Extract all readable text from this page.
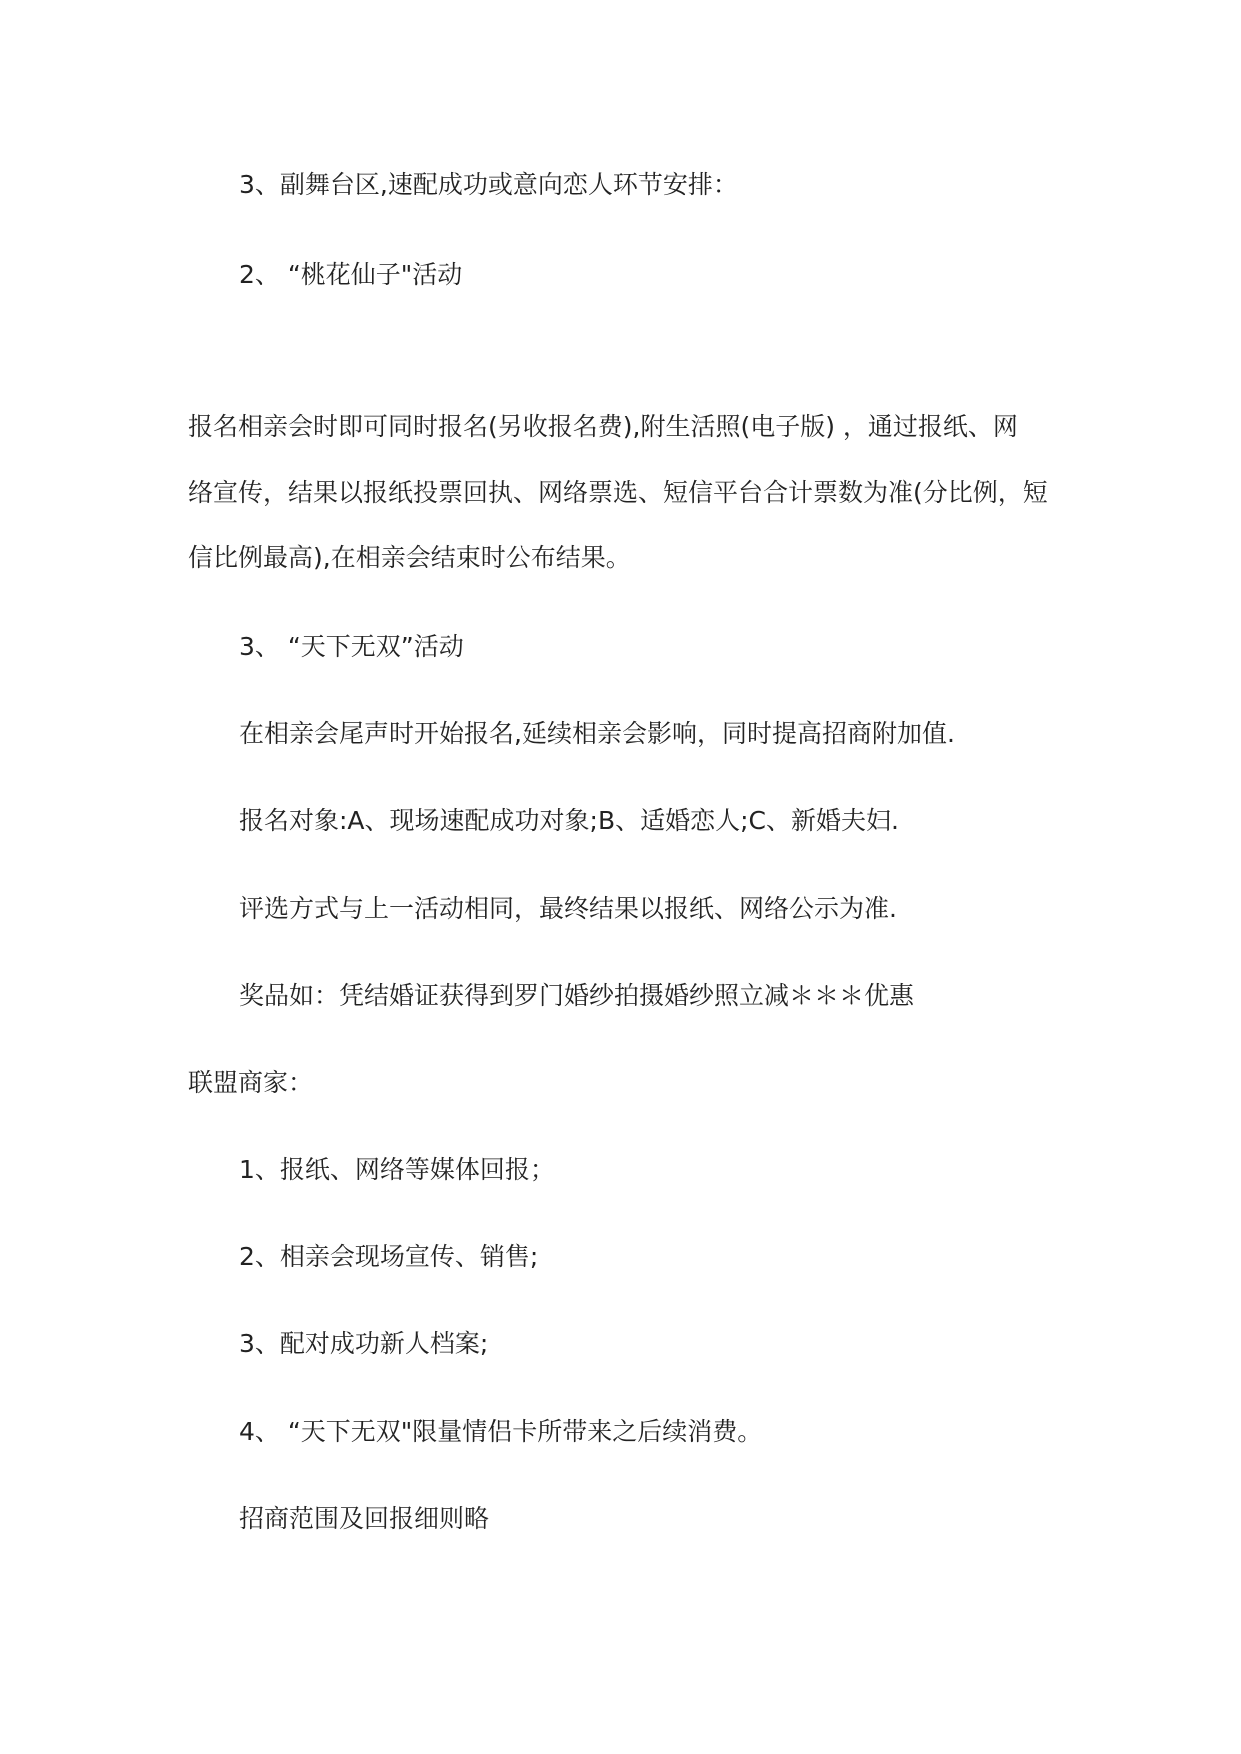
3、副舞台区,速配成功或意向恋人环节安排：

2、 “桃花仙子"活动

报名相亲会时即可同时报名(另收报名费),附生活照(电子版) ，通过报纸、网

络宣传，结果以报纸投票回执、网络票选、短信平台合计票数为准(分比例，短

信比例最高),在相亲会结束时公布结果。

3、 “天下无双”活动

在相亲会尾声时开始报名,延续相亲会影响，同时提高招商附加值.

报名对象:A、现场速配成功对象;B、适婚恋人;C、新婚夫妇.

评选方式与上一活动相同，最终结果以报纸、网络公示为准.

奖品如：凭结婚证获得到罗门婚纱拍摄婚纱照立减＊＊＊优惠

联盟商家：

1、报纸、网络等媒体回报；

2、相亲会现场宣传、销售;

3、配对成功新人档案;

4、 “天下无双"限量情侣卡所带来之后续消费。

招商范围及回报细则略
